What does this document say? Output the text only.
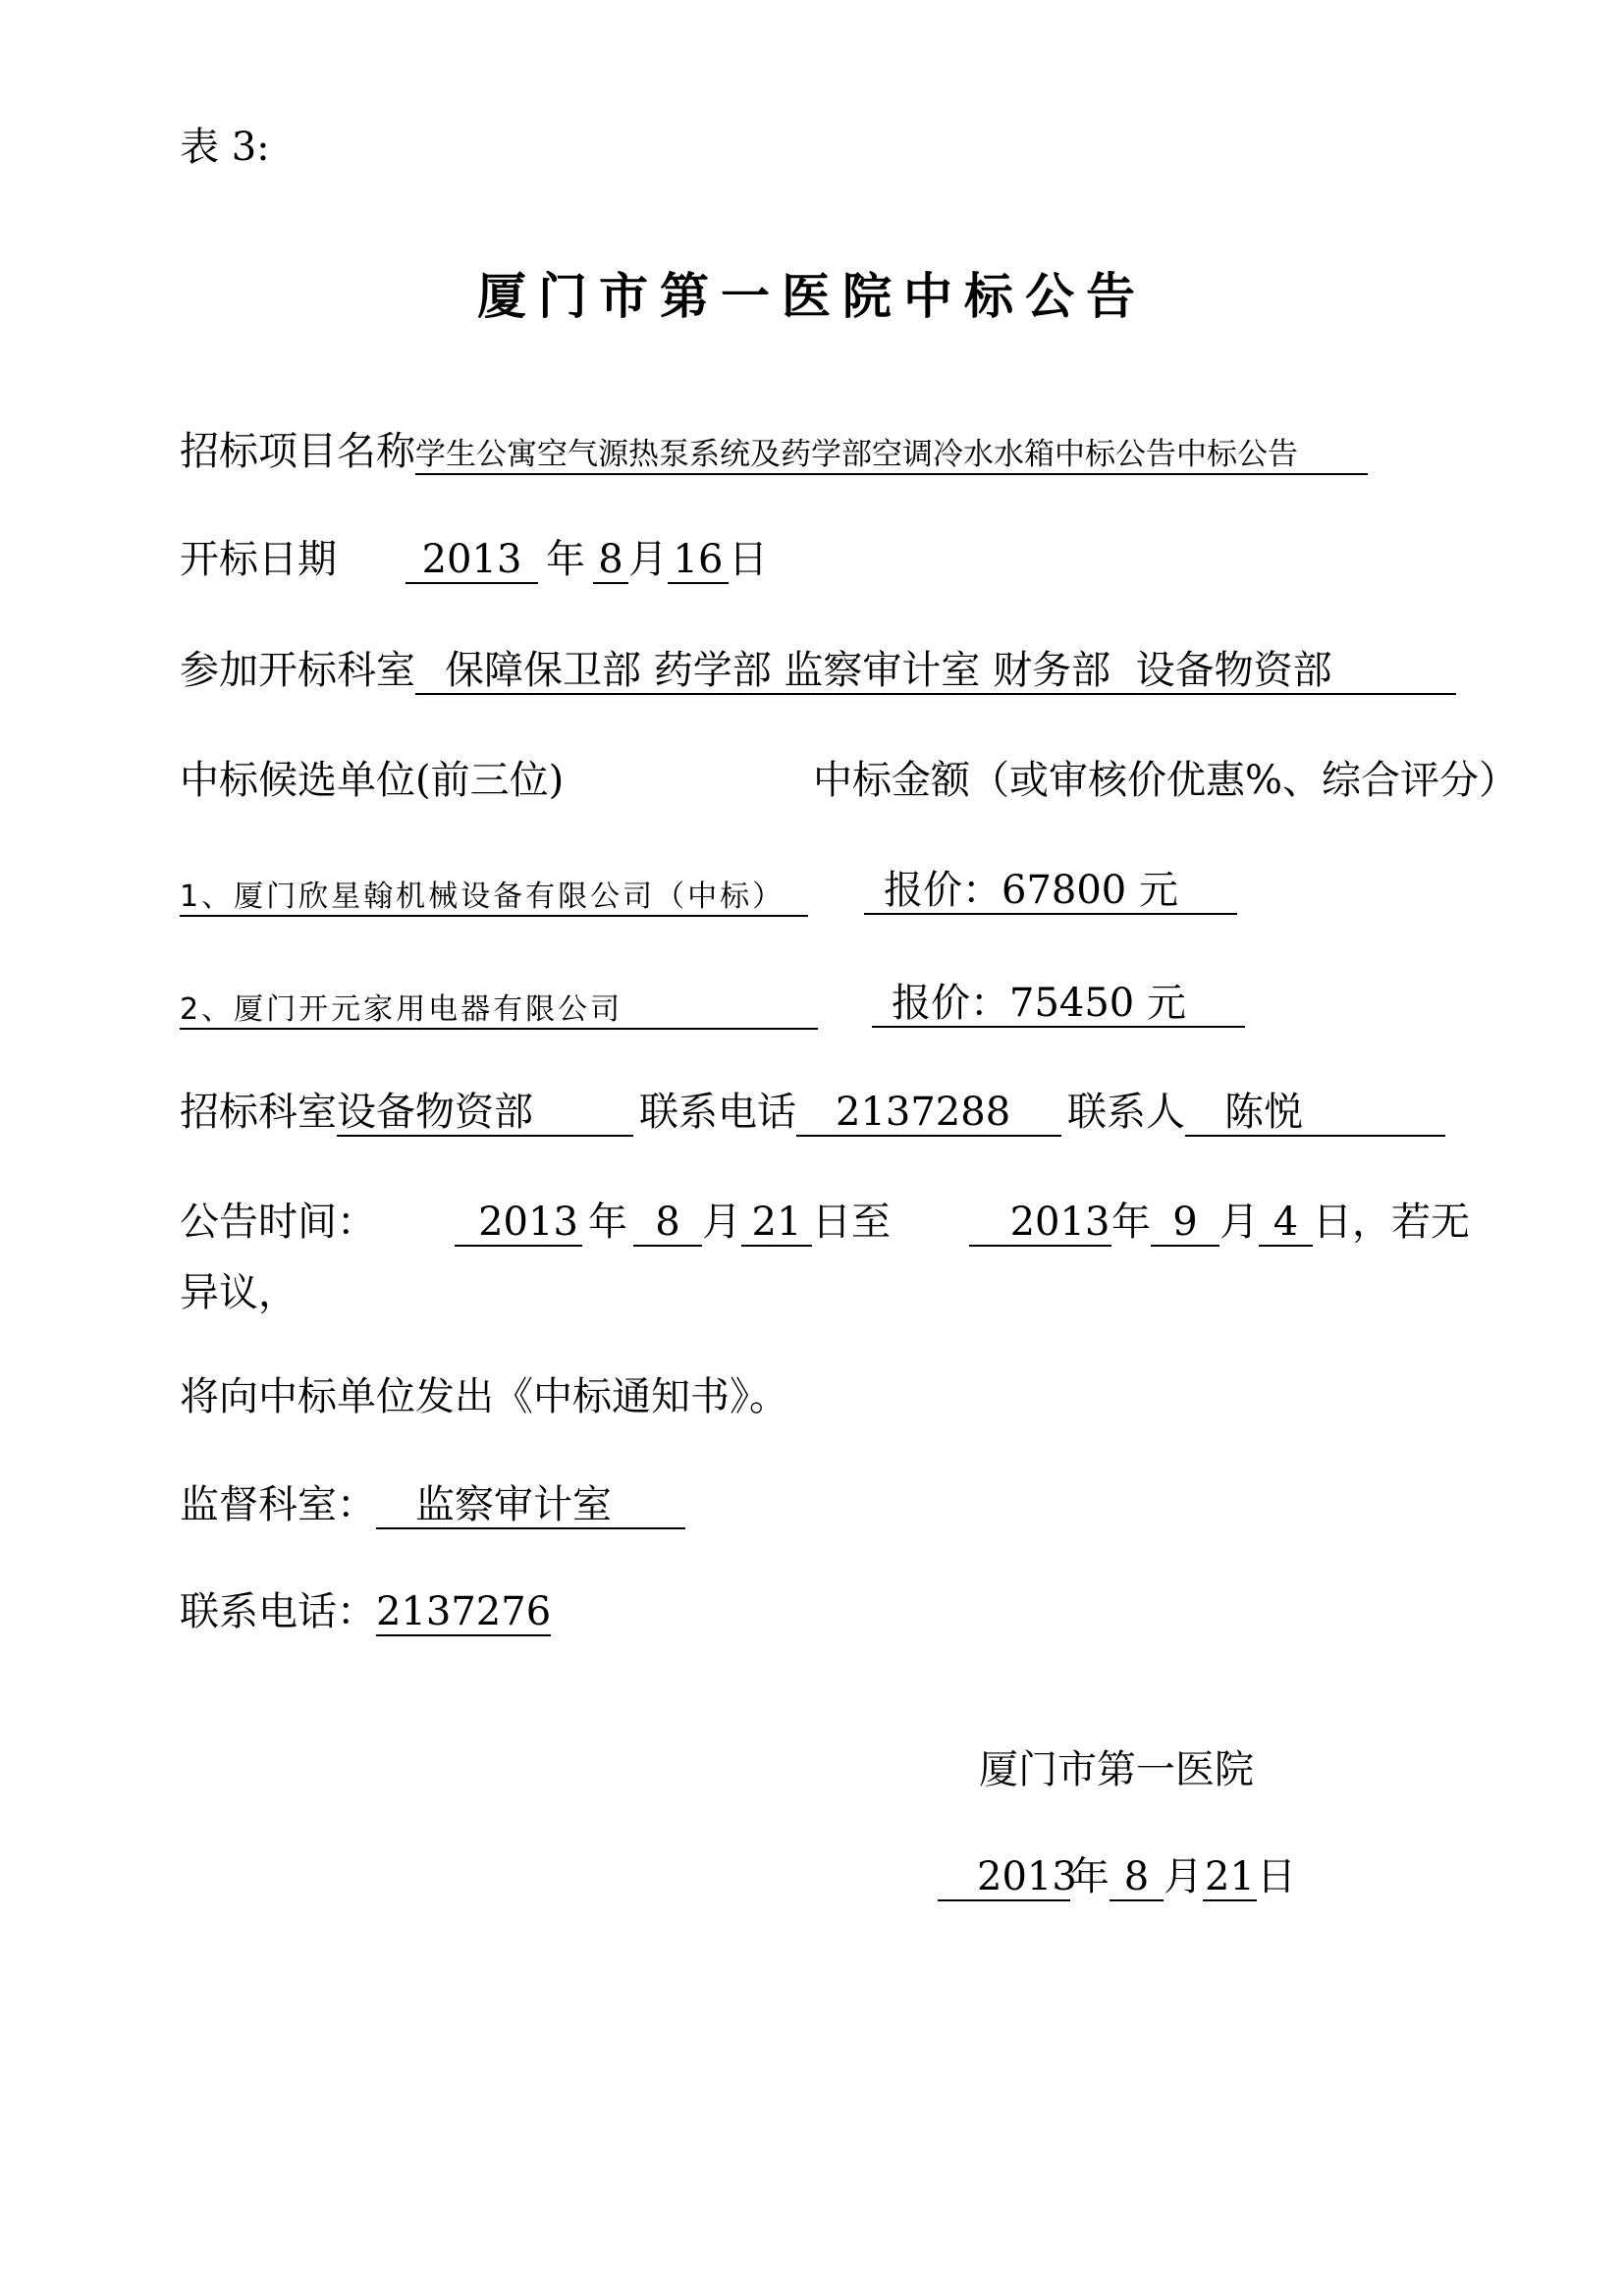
表 3:
厦门市第一医院中标公告
招标项目名称学生公寓空气源热泵系统及药学部空调冷水水箱中标公告中标公告
开标日期 2013 年 8 月 16 日
参加开标科室 保障保卫部 药学部 监察审计室 财务部  设备物资部
中标候选单位(前三位)	中标金额（或审核价优惠%、综合评分）
1、厦门欣星翰机械设备有限公司（中标）	报价：67800 元
2、厦门开元家用电器有限公司	报价：75450 元
招标科室设备物资部	联系电话 2137288 联系人 陈悦
公告时间：	2013 年 8 月 21 日至	2013年 9 月 4 日，若无
异议，
将向中标单位发出《中标通知书》。
监督科室： 监察审计室
联系电话：2137276
厦门市第一医院
2013年 8 月21日
